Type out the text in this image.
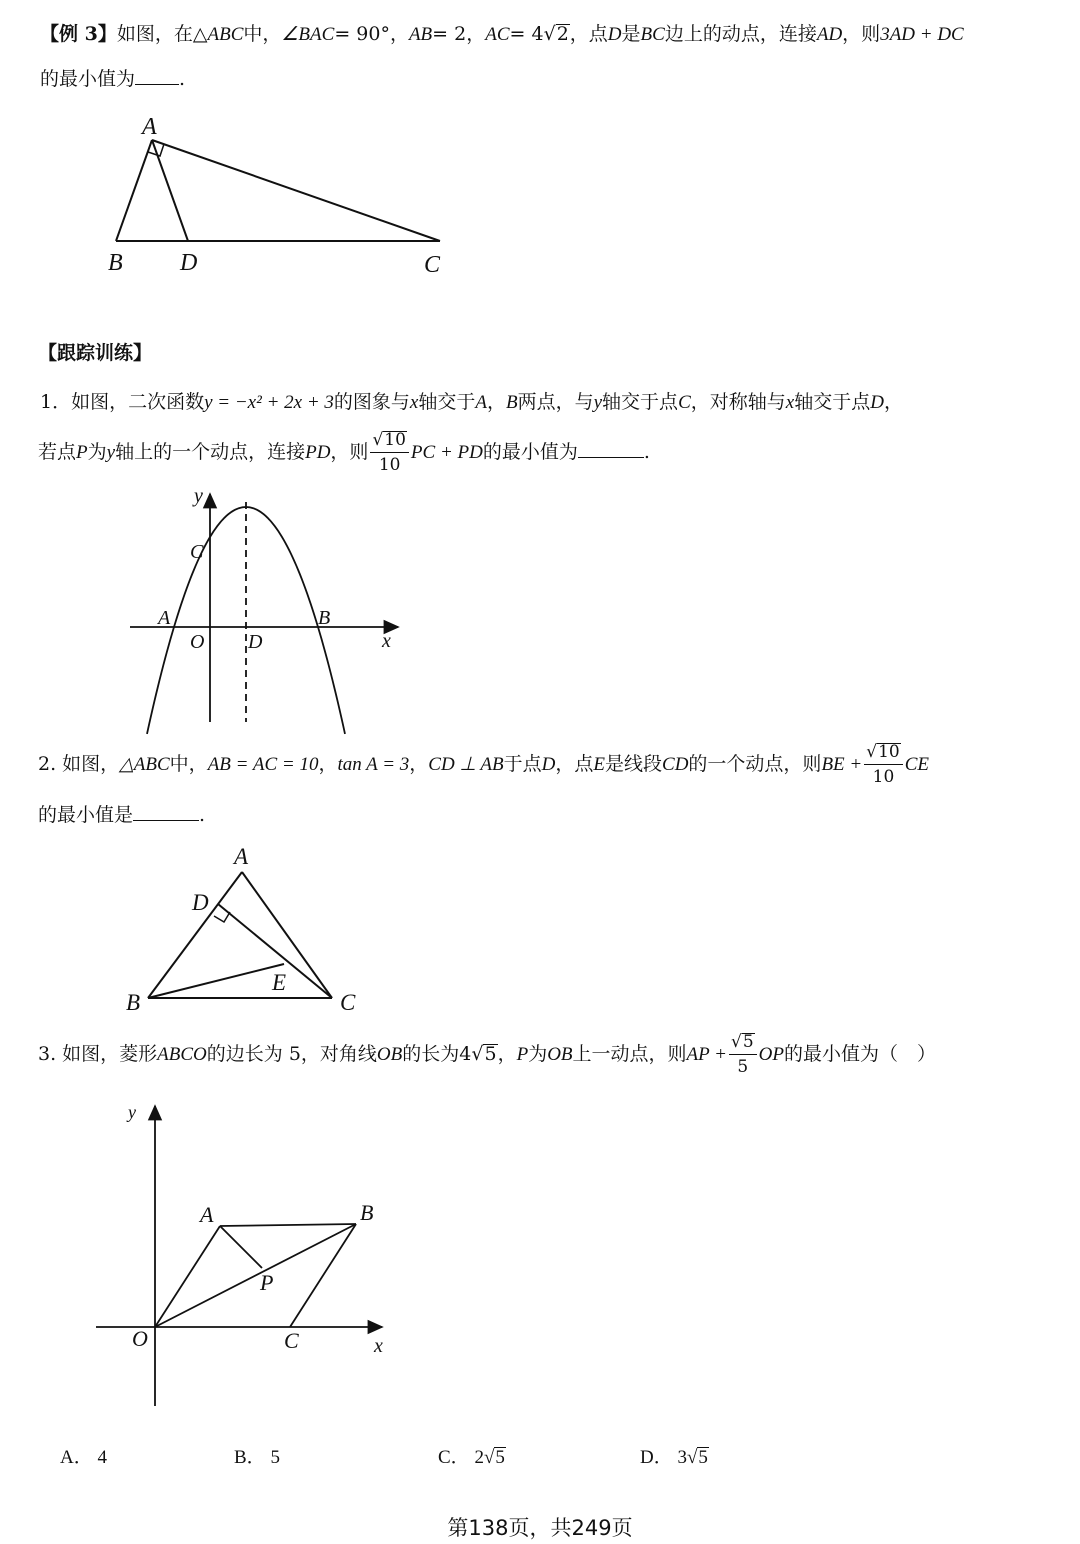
【例 3】如图，在△ABC中，∠BAC= 90°，AB= 2，AC= 4√2，点D是BC边上的动点，连接AD，则3AD + DC
的最小值为 .
A
B D	C
【跟踪训练】
1．如图，二次函数y = −x² + 2x + 3的图象与x轴交于A，B两点，与y轴交于点C，对称轴与x轴交于点D，
若点P为y轴上的一个动点，连接PD，则 $\frac{√10}{10}$ PC + PD的最小值为	.
y
x
C
A
O D
B
2. 如图，△ABC中，AB = AC = 10，tan A = 3，CD ⊥ AB于点D，点E是线段CD的一个动点，则BE + $\frac{√10}{10}$ CE
的最小值是	.
A
D
B
E
C
3. 如图，菱形ABCO的边长为 5，对角线OB的长为4√5，P为OB上一动点，则AP + $\frac{√5}{5}$ OP的最小值为（　）
y
A	B
P
O	C	x
A． 4	B． 5	C． 2√5	D． 3√5
第138页，共249页
